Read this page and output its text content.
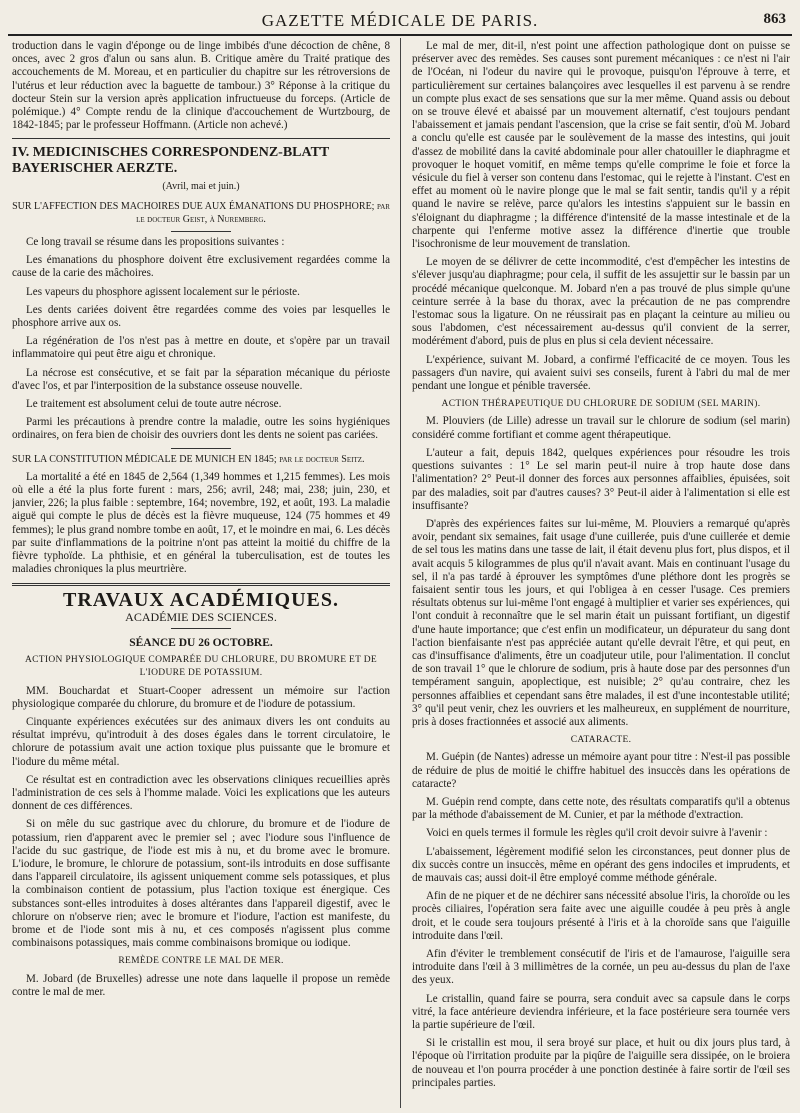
GAZETTE MÉDICALE DE PARIS.	863

troduction dans le vagin d'éponge ou de linge imbibés d'une décoction de chêne, 8 onces, avec 2 gros d'alun ou sans alun. B. Critique amère du Traité pratique des accouchements de M. Moreau, et en particulier du chapitre sur les rétroversions de l'utérus et leur réduction avec la baguette de tambour.) 3° Réponse à la critique du docteur Stein sur la version après application infructueuse du forceps. (Article de polémique.) 4° Compte rendu de la clinique d'accouchement de Wurtzbourg, de 1842-1845; par le professeur Hoffmann. (Article non achevé.)

IV. MEDICINISCHES CORRESPONDENZ-BLATT BAYERISCHER AERZTE.
(Avril, mai et juin.)

SUR L'AFFECTION DES MACHOIRES DUE AUX ÉMANATIONS DU PHOSPHORE; par le docteur Geist, à Nuremberg.

Ce long travail se résume dans les propositions suivantes :

Les émanations du phosphore doivent être exclusivement regardées comme la cause de la carie des mâchoires.

Les vapeurs du phosphore agissent localement sur le périoste.

Les dents cariées doivent être regardées comme des voies par lesquelles le phosphore arrive aux os.

La régénération de l'os n'est pas à mettre en doute, et s'opère par un travail inflammatoire qui peut être aigu et chronique.

La nécrose est consécutive, et se fait par la séparation mécanique du périoste d'avec l'os, et par l'interposition de la substance osseuse nouvelle.

Le traitement est absolument celui de toute autre nécrose.

Parmi les précautions à prendre contre la maladie, outre les soins hygiéniques ordinaires, on fera bien de choisir des ouvriers dont les dents ne soient pas cariées.

SUR LA CONSTITUTION MÉDICALE DE MUNICH EN 1845; par le docteur Seitz.

La mortalité a été en 1845 de 2,564 (1,349 hommes et 1,215 femmes). Les mois où elle a été la plus forte furent : mars, 256; avril, 248; mai, 238; juin, 230, et janvier, 226; la plus faible : septembre, 164; novembre, 192, et août, 193. La maladie aiguë qui compte le plus de décès est la fièvre muqueuse, 124 (75 hommes et 49 femmes); le plus grand nombre tombe en août, 17, et le moindre en mai, 6. Les décès par suite d'inflammations de la poitrine n'ont pas atteint la moitié du chiffre de la fièvre typhoïde. La phthisie, et en général la tuberculisation, est de toutes les maladies chroniques la plus meurtrière.

TRAVAUX ACADÉMIQUES.
ACADÉMIE DES SCIENCES.
SÉANCE DU 26 OCTOBRE.
ACTION PHYSIOLOGIQUE COMPARÉE DU CHLORURE, DU BROMURE ET DE L'IODURE DE POTASSIUM.

MM. Bouchardat et Stuart-Cooper adressent un mémoire sur l'action physiologique comparée du chlorure, du bromure et de l'iodure de potassium.

Cinquante expériences exécutées sur des animaux divers les ont conduits au résultat imprévu, qu'introduit à des doses égales dans le torrent circulatoire, le chlorure de potassium avait une action toxique plus puissante que le bromure et l'iodure du même métal.

Ce résultat est en contradiction avec les observations cliniques recueillies après l'administration de ces sels à l'homme malade. Voici les explications que les auteurs donnent de ces différences.

Si on mêle du suc gastrique avec du chlorure, du bromure et de l'iodure de potassium, rien d'apparent avec le premier sel ; avec l'iodure sous l'influence de l'acide du suc gastrique, de l'iode est mis à nu, et du brome avec le bromure. L'iodure, le bromure, le chlorure de potassium, sont-ils introduits en dose suffisante dans l'appareil circulatoire, ils agissent uniquement comme sels potassiques, et plus la combinaison contient de potassium, plus l'action toxique est énergique. Ces substances sont-elles introduites à doses altérantes dans l'appareil digestif, avec le chlorure on n'observe rien; avec le bromure et l'iodure, l'action est manifeste, du brome et de l'iode sont mis à nu, et ces composés n'agissent plus comme combinaisons potassiques, mais comme combinaisons bromique ou iodique.

REMÈDE CONTRE LE MAL DE MER.

M. Jobard (de Bruxelles) adresse une note dans laquelle il propose un remède contre le mal de mer.

Le mal de mer, dit-il, n'est point une affection pathologique dont on puisse se préserver avec des remèdes. Ses causes sont purement mécaniques : ce n'est ni l'air de l'Océan, ni l'odeur du navire qui le provoque, puisqu'on l'éprouve à terre, et particulièrement sur certaines balançoires avec lesquelles il est parvenu à se rendre un compte plus exact de ses sensations que sur la mer même. Quand assis ou debout on se trouve élevé et abaissé par un mouvement alternatif, c'est toujours pendant l'abaissement et jamais pendant l'ascension, que la crise se fait sentir, d'où M. Jobard a conclu qu'elle est causée par le soulèvement de la masse des intestins, qui jouit d'assez de mobilité dans la cavité abdominale pour aller chatouiller le diaphragme et provoquer le hoquet vomitif, en même temps qu'elle comprime le foie et force la vésicule du fiel à verser son contenu dans l'estomac, qui le rejette à l'instant. C'est en effet au moment où le navire plonge que le mal se fait sentir, tandis qu'il y a répit quand le navire se relève, parce qu'alors les intestins s'appuient sur le bassin en s'éloignant du diaphragme ; la différence d'intensité de la masse intestinale et de la charpente qui l'enferme motive assez la différence d'inertie que trouble l'isochronisme de leur mouvement de translation.

Le moyen de se délivrer de cette incommodité, c'est d'empêcher les intestins de s'élever jusqu'au diaphragme; pour cela, il suffit de les assujettir sur le bassin par un procédé mécanique quelconque. M. Jobard n'en a pas trouvé de plus simple qu'une ceinture serrée à la base du thorax, avec la précaution de ne pas comprendre l'estomac sous la ligature. On ne réussirait pas en plaçant la ceinture au milieu ou sous l'abdomen, c'est nécessairement au-dessus qu'il convient de la serrer, modérément d'abord, puis de plus en plus si cela devient nécessaire.

L'expérience, suivant M. Jobard, a confirmé l'efficacité de ce moyen. Tous les passagers d'un navire, qui avaient suivi ses conseils, furent à l'abri du mal de mer pendant une longue et pénible traversée.

ACTION THÉRAPEUTIQUE DU CHLORURE DE SODIUM (SEL MARIN).

M. Plouviers (de Lille) adresse un travail sur le chlorure de sodium (sel marin) considéré comme fortifiant et comme agent thérapeutique.

L'auteur a fait, depuis 1842, quelques expériences pour résoudre les trois questions suivantes : 1° Le sel marin peut-il nuire à trop haute dose dans l'alimentation? 2° Peut-il donner des forces aux personnes affaiblies, épuisées, soit par des maladies, soit par d'autres causes? 3° Peut-il aider à l'alimentation si elle est insuffisante?

D'après des expériences faites sur lui-même, M. Plouviers a remarqué qu'après avoir, pendant six semaines, fait usage d'une cuillerée, puis d'une cuillerée et demie de sel tous les matins dans une tasse de lait, il était devenu plus fort, plus dispos, et il avait acquis 5 kilogrammes de plus qu'il n'avait avant. Mais en continuant l'usage du sel, il n'a pas tardé à éprouver les symptômes d'une pléthore dont les progrès se faisaient sentir tous les jours, et qui l'obligea à en cesser l'usage. Ces premiers résultats obtenus sur lui-même l'ont engagé à multiplier et varier ses expériences, qui l'ont conduit à reconnaître que le sel marin était un puissant fortifiant, un digestif d'une haute importance; que c'est enfin un modificateur, un dépurateur du sang dont l'action bienfaisante n'est pas appréciée autant qu'elle devrait l'être, et qui peut, en cas d'insuffisance d'aliments, être un coadjuteur utile, pour l'alimentation. Il conclut de son travail 1° que le chlorure de sodium, pris à haute dose par des personnes d'un tempérament sanguin, apoplectique, est nuisible; 2° qu'au contraire, chez les personnes affaiblies et cependant sans être malades, il est d'une incontestable utilité; 3° qu'il peut venir, chez les ouvriers et les malheureux, en supplément de nourriture, pris à doses fractionnées et associé aux aliments.

CATARACTE.

M. Guépin (de Nantes) adresse un mémoire ayant pour titre : N'est-il pas possible de réduire de plus de moitié le chiffre habituel des insuccès dans les opérations de cataracte?

M. Guépin rend compte, dans cette note, des résultats comparatifs qu'il a obtenus par la méthode d'abaissement de M. Cunier, et par la méthode d'extraction.

Voici en quels termes il formule les règles qu'il croit devoir suivre à l'avenir :

L'abaissement, légèrement modifié selon les circonstances, peut donner plus de dix succès contre un insuccès, même en opérant des gens indociles et imprudents, et de mauvais cas; aussi doit-il être employé comme méthode générale.

Afin de ne piquer et de ne déchirer sans nécessité absolue l'iris, la choroïde ou les procès ciliaires, l'opération sera faite avec une aiguille coudée à peu près à angle droit, et le coude sera toujours présenté à l'iris et à la choroïde sans que l'aiguille introduite dans l'œil.

Afin d'éviter le tremblement consécutif de l'iris et de l'amaurose, l'aiguille sera introduite dans l'œil à 3 millimètres de la cornée, un peu au-dessus du plan de l'axe des yeux.

Le cristallin, quand faire se pourra, sera conduit avec sa capsule dans le corps vitré, la face antérieure deviendra inférieure, et la face postérieure sera tournée vers la partie supérieure de l'œil.

Si le cristallin est mou, il sera broyé sur place, et huit ou dix jours plus tard, à l'époque où l'irritation produite par la piqûre de l'aiguille sera dissipée, on le broiera de nouveau et l'on pourra procéder à une ponction destinée à faire sortir de l'œil ses principales parties.
